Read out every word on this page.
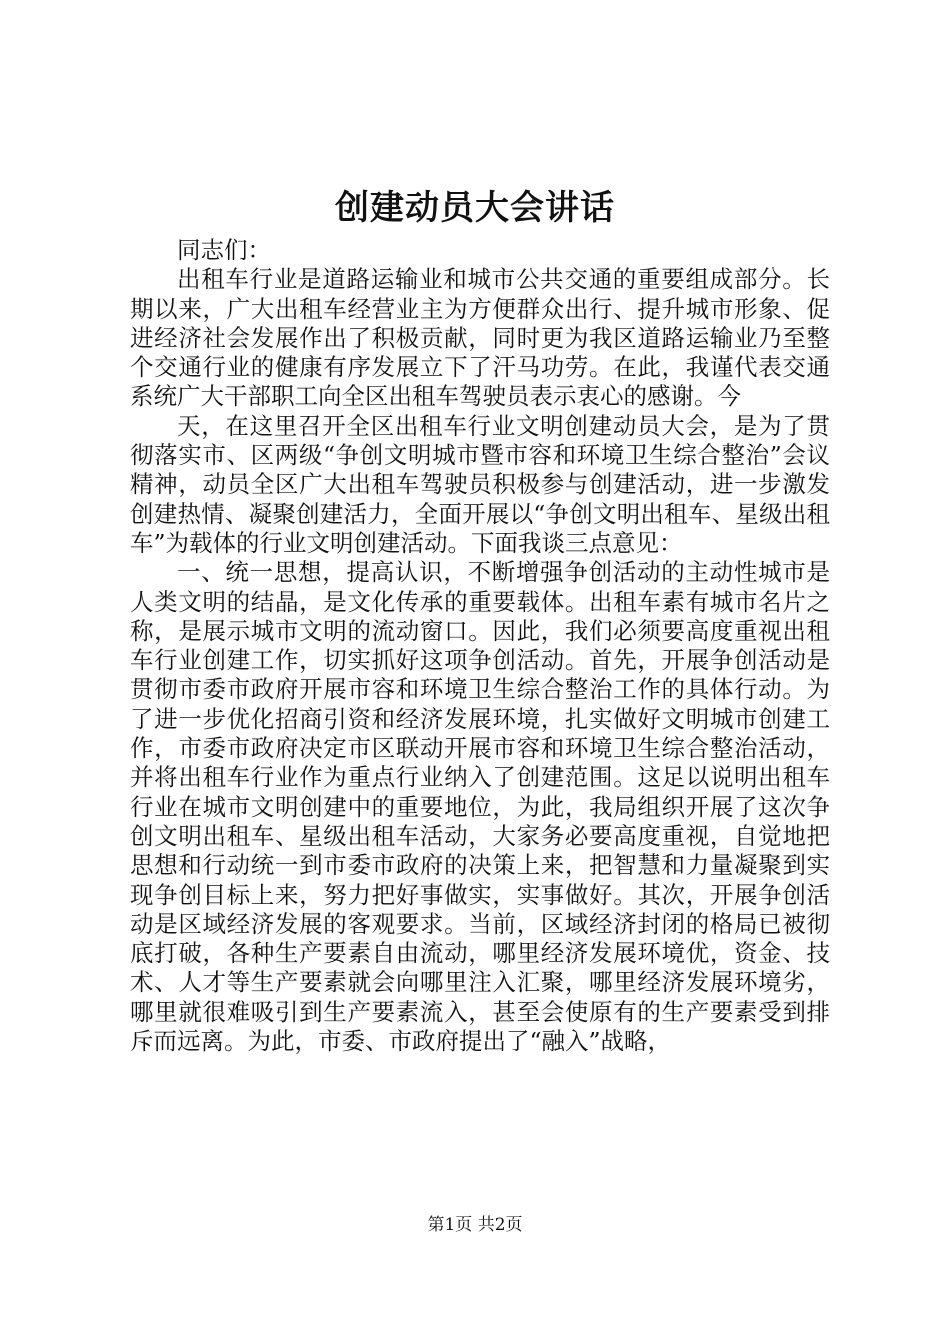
创建动员大会讲话

同志们：

出租车行业是道路运输业和城市公共交通的重要组成部分。长期以来，广大出租车经营业主为方便群众出行、提升城市形象、促进经济社会发展作出了积极贡献，同时更为我区道路运输业乃至整个交通行业的健康有序发展立下了汗马功劳。在此，我谨代表交通系统广大干部职工向全区出租车驾驶员表示衷心的感谢。今

天，在这里召开全区出租车行业文明创建动员大会，是为了贯彻落实市、区两级“争创文明城市暨市容和环境卫生综合整治”会议精神，动员全区广大出租车驾驶员积极参与创建活动，进一步激发创建热情、凝聚创建活力，全面开展以“争创文明出租车、星级出租车”为载体的行业文明创建活动。下面我谈三点意见：

一、统一思想，提高认识，不断增强争创活动的主动性城市是人类文明的结晶，是文化传承的重要载体。出租车素有城市名片之称，是展示城市文明的流动窗口。因此，我们必须要高度重视出租车行业创建工作，切实抓好这项争创活动。首先，开展争创活动是贯彻市委市政府开展市容和环境卫生综合整治工作的具体行动。为了进一步优化招商引资和经济发展环境，扎实做好文明城市创建工作，市委市政府决定市区联动开展市容和环境卫生综合整治活动，并将出租车行业作为重点行业纳入了创建范围。这足以说明出租车行业在城市文明创建中的重要地位，为此，我局组织开展了这次争创文明出租车、星级出租车活动，大家务必要高度重视，自觉地把思想和行动统一到市委市政府的决策上来，把智慧和力量凝聚到实现争创目标上来，努力把好事做实，实事做好。其次，开展争创活动是区域经济发展的客观要求。当前，区域经济封闭的格局已被彻底打破，各种生产要素自由流动，哪里经济发展环境优，资金、技术、人才等生产要素就会向哪里注入汇聚，哪里经济发展环境劣，哪里就很难吸引到生产要素流入，甚至会使原有的生产要素受到排斥而远离。为此，市委、市政府提出了“融入”战略，

第1页 共2页
